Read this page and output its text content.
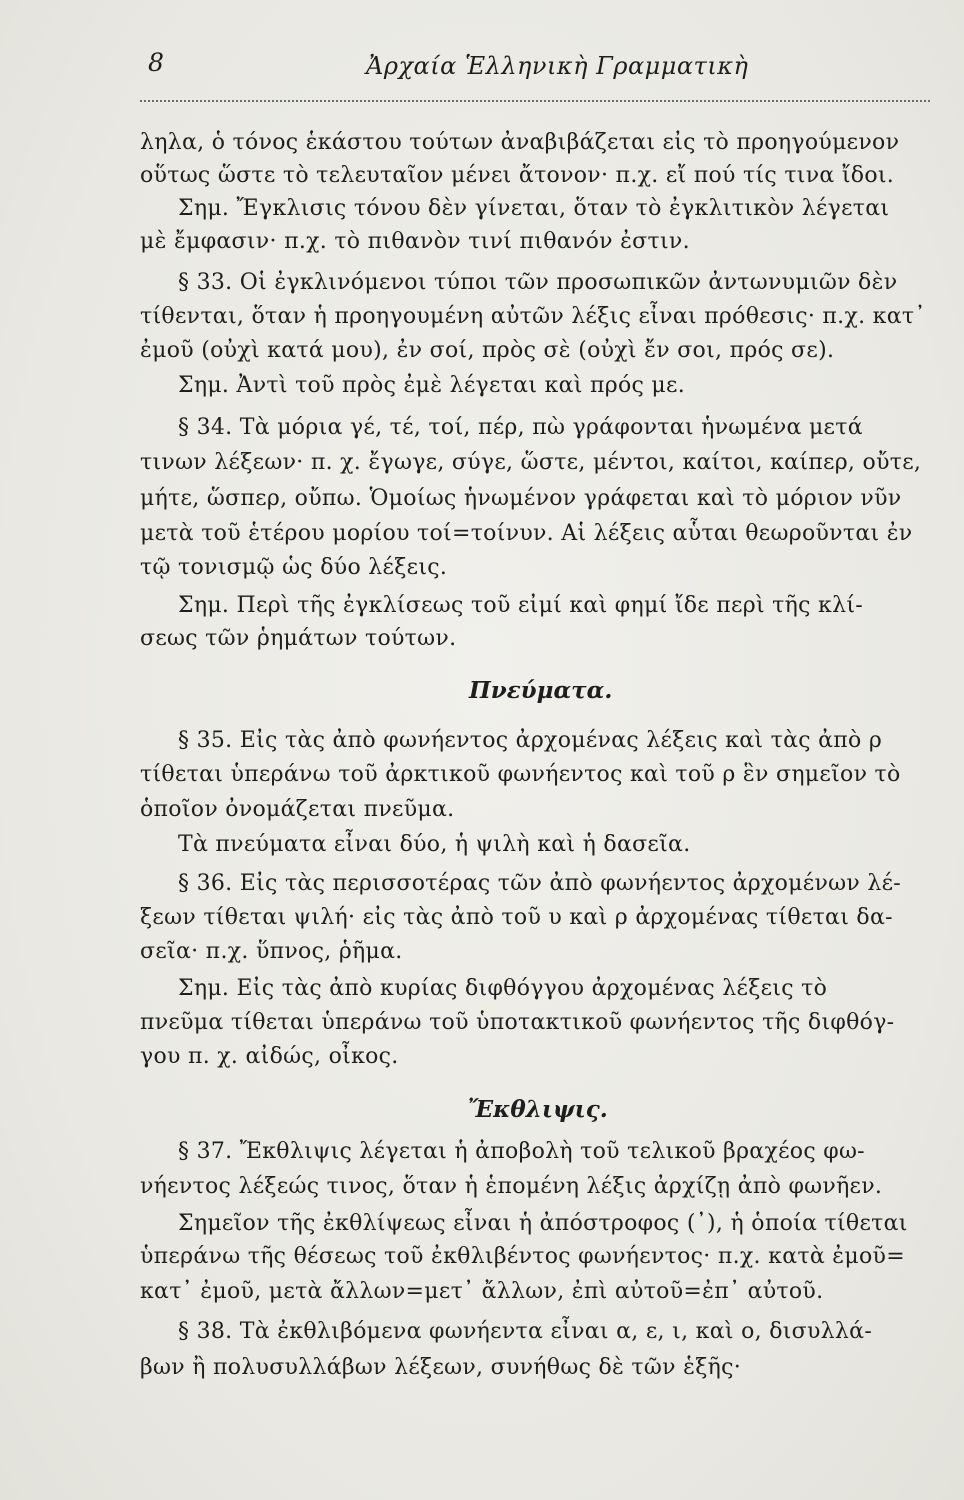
8	Ἀρχαία Ἑλληνικὴ Γραμματικὴ
ληλα, ὁ τόνος ἑκάστου τούτων ἀναβιβάζεται εἰς τὸ προηγούμενον
οὕτως ὥστε τὸ τελευταῖον μένει ἄτονον· π.χ. εἴ πού τίς τινα ἴδοι.
Σημ. Ἔγκλισις τόνου δὲν γίνεται, ὅταν τὸ ἐγκλιτικὸν λέγεται
μὲ ἔμφασιν· π.χ. τὸ πιθανὸν τινί πιθανόν ἐστιν.
§ 33. Οἱ ἐγκλινόμενοι τύποι τῶν προσωπικῶν ἀντωνυμιῶν δὲν
τίθενται, ὅταν ἡ προηγουμένη αὐτῶν λέξις εἶναι πρόθεσις· π.χ. κατ᾽
ἐμοῦ (οὐχὶ κατά μου), ἐν σοί, πρὸς σὲ (οὐχὶ ἔν σοι, πρός σε).
Σημ. Ἀντὶ τοῦ πρὸς ἐμὲ λέγεται καὶ πρός με.
§ 34. Τὰ μόρια γέ, τέ, τοί, πέρ, πὼ γράφονται ἡνωμένα μετά
τινων λέξεων· π. χ. ἔγωγε, σύγε, ὥστε, μέντοι, καίτοι, καίπερ, οὔτε,
μήτε, ὥσπερ, οὔπω. Ὁμοίως ἡνωμένον γράφεται καὶ τὸ μόριον νῦν
μετὰ τοῦ ἑτέρου μορίου τοί=τοίνυν. Αἱ λέξεις αὗται θεωροῦνται ἐν
τῷ τονισμῷ ὡς δύο λέξεις.
Σημ. Περὶ τῆς ἐγκλίσεως τοῦ εἰμί καὶ φημί ἴδε περὶ τῆς κλί-
σεως τῶν ῥημάτων τούτων.
Πνεύματα.
§ 35. Εἰς τὰς ἀπὸ φωνήεντος ἀρχομένας λέξεις καὶ τὰς ἀπὸ ρ
τίθεται ὑπεράνω τοῦ ἀρκτικοῦ φωνήεντος καὶ τοῦ ρ ἓν σημεῖον τὸ
ὁποῖον ὀνομάζεται πνεῦμα.
Τὰ πνεύματα εἶναι δύο, ἡ ψιλὴ καὶ ἡ δασεῖα.
§ 36. Εἰς τὰς περισσοτέρας τῶν ἀπὸ φωνήεντος ἀρχομένων λέ-
ξεων τίθεται ψιλή· εἰς τὰς ἀπὸ τοῦ υ καὶ ρ ἀρχομένας τίθεται δα-
σεῖα· π.χ. ὕπνος, ῥῆμα.
Σημ. Εἰς τὰς ἀπὸ κυρίας διφθόγγου ἀρχομένας λέξεις τὸ
πνεῦμα τίθεται ὑπεράνω τοῦ ὑποτακτικοῦ φωνήεντος τῆς διφθόγ-
γου π. χ. αἰδώς, οἶκος.
Ἔκθλιψις.
§ 37. Ἔκθλιψις λέγεται ἡ ἀποβολὴ τοῦ τελικοῦ βραχέος φω-
νήεντος λέξεώς τινος, ὅταν ἡ ἑπομένη λέξις ἀρχίζῃ ἀπὸ φωνῆεν.
Σημεῖον τῆς ἐκθλίψεως εἶναι ἡ ἀπόστροφος (᾽), ἡ ὁποία τίθεται
ὑπεράνω τῆς θέσεως τοῦ ἐκθλιβέντος φωνήεντος· π.χ. κατὰ ἐμοῦ=
κατ᾽ ἐμοῦ, μετὰ ἄλλων=μετ᾽ ἄλλων, ἐπὶ αὐτοῦ=ἐπ᾽ αὐτοῦ.
§ 38. Τὰ ἐκθλιβόμενα φωνήεντα εἶναι α, ε, ι, καὶ ο, δισυλλά-
βων ἢ πολυσυλλάβων λέξεων, συνήθως δὲ τῶν ἑξῆς·
